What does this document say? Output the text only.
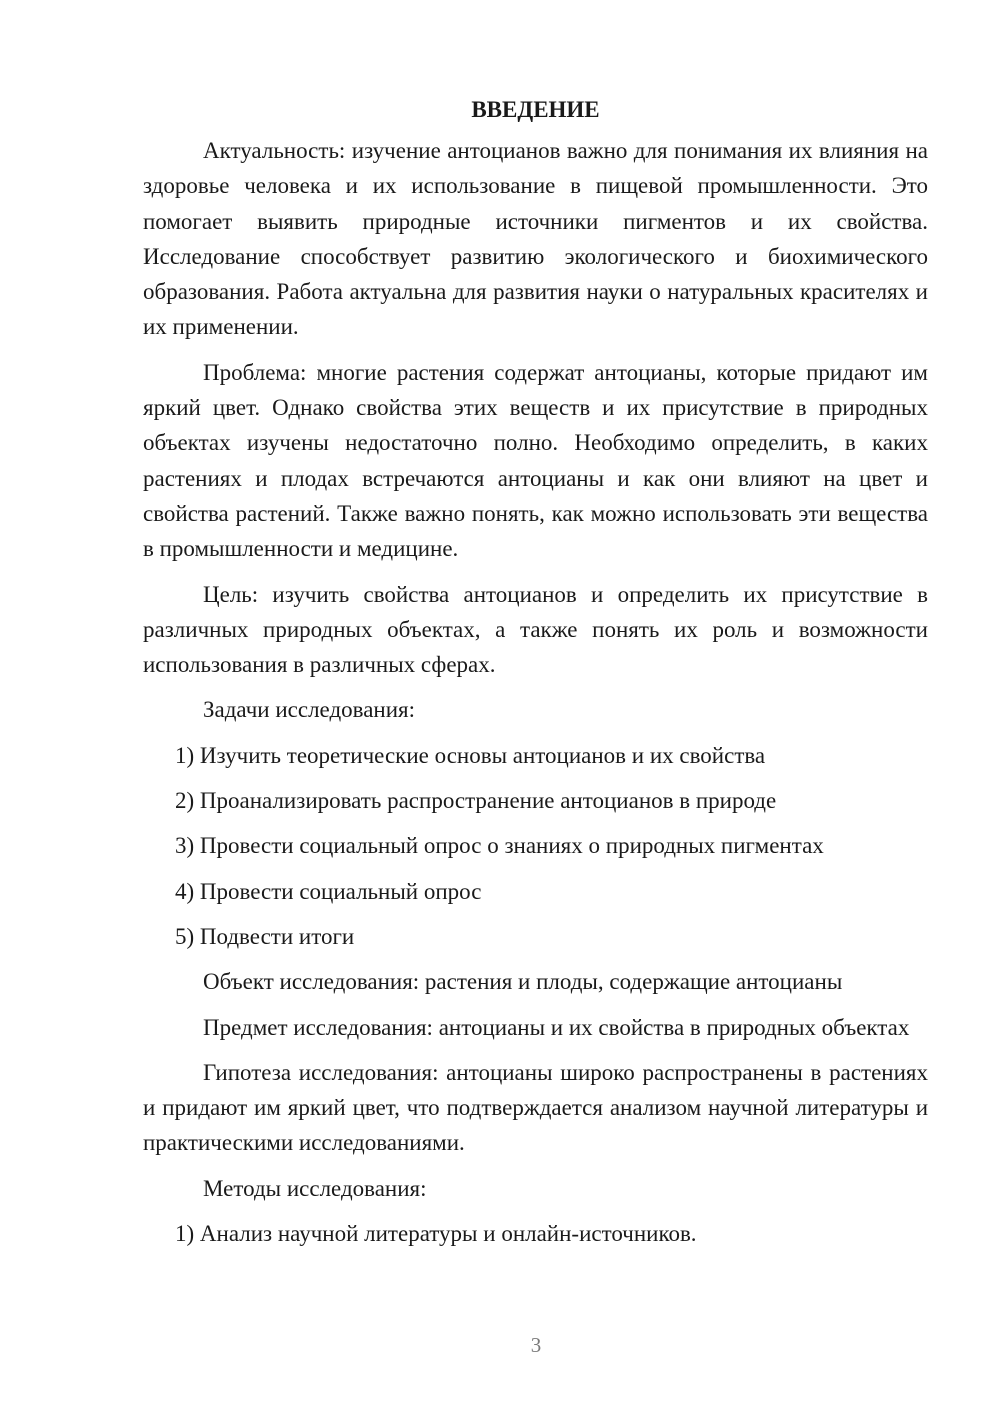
ВВЕДЕНИЕ

Актуальность: изучение антоцианов важно для понимания их влияния на здоровье человека и их использование в пищевой промышленности. Это помогает выявить природные источники пигментов и их свойства. Исследование способствует развитию экологического и биохимического образования. Работа актуальна для развития науки о натуральных красителях и их применении.

Проблема: многие растения содержат антоцианы, которые придают им яркий цвет. Однако свойства этих веществ и их присутствие в природных объектах изучены недостаточно полно. Необходимо определить, в каких растениях и плодах встречаются антоцианы и как они влияют на цвет и свойства растений. Также важно понять, как можно использовать эти вещества в промышленности и медицине.

Цель: изучить свойства антоцианов и определить их присутствие в различных природных объектах, а также понять их роль и возможности использования в различных сферах.

Задачи исследования:

1) Изучить теоретические основы антоцианов и их свойства

2) Проанализировать распространение антоцианов в природе

3) Провести социальный опрос о знаниях о природных пигментах

4) Провести социальный опрос

5) Подвести итоги

Объект исследования: растения и плоды, содержащие антоцианы

Предмет исследования: антоцианы и их свойства в природных объектах

Гипотеза исследования: антоцианы широко распространены в растениях и придают им яркий цвет, что подтверждается анализом научной литературы и практическими исследованиями.

Методы исследования:

1) Анализ научной литературы и онлайн-источников.

3
